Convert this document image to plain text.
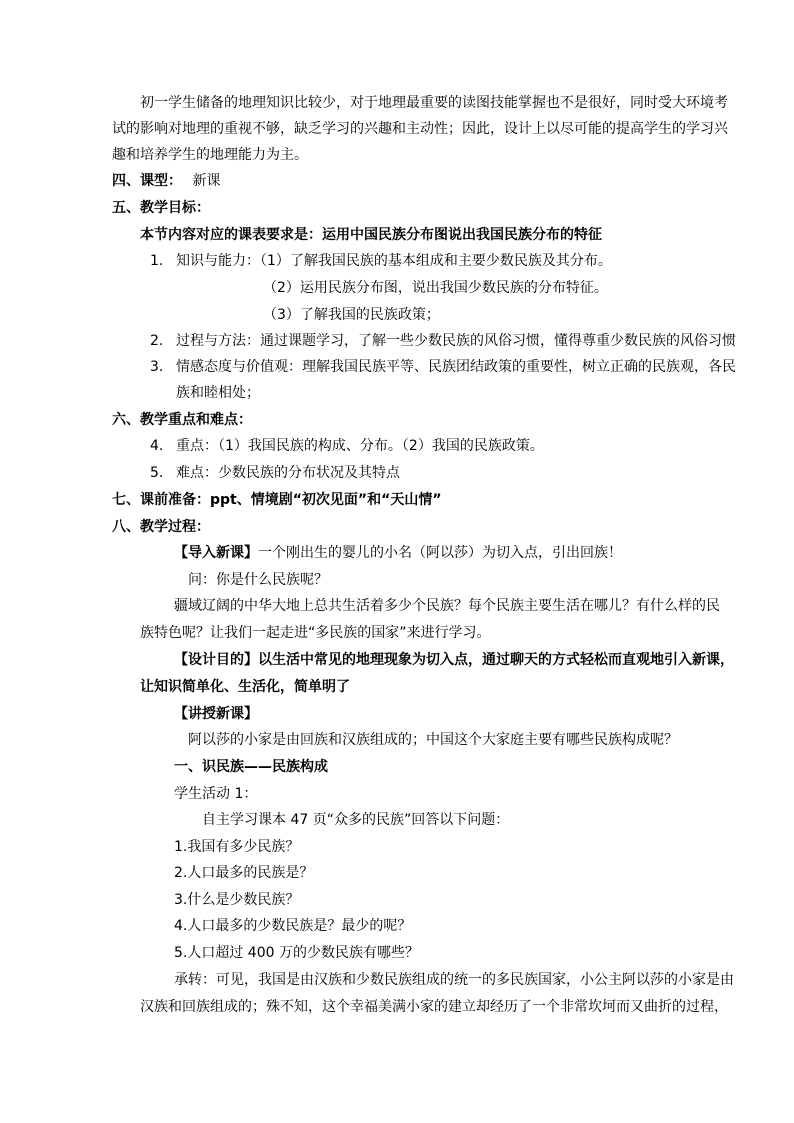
初一学生储备的地理知识比较少，对于地理最重要的读图技能掌握也不是很好，同时受大环境考
试的影响对地理的重视不够，缺乏学习的兴趣和主动性；因此，设计上以尽可能的提高学生的学习兴
趣和培养学生的地理能力为主。
四、课型： 新课
五、教学目标：
本节内容对应的课表要求是：运用中国民族分布图说出我国民族分布的特征
1. 知识与能力：（1）了解我国民族的基本组成和主要少数民族及其分布。
（2）运用民族分布图，说出我国少数民族的分布特征。
（3）了解我国的民族政策；
2. 过程与方法：通过课题学习，了解一些少数民族的风俗习惯，懂得尊重少数民族的风俗习惯
3. 情感态度与价值观：理解我国民族平等、民族团结政策的重要性，树立正确的民族观，各民
族和睦相处；
六、教学重点和难点：
4. 重点：（1）我国民族的构成、分布。（2）我国的民族政策。
5. 难点：少数民族的分布状况及其特点
七、课前准备：ppt、情境剧“初次见面”和“天山情”
八、教学过程：
【导入新课】一个刚出生的婴儿的小名（阿以莎）为切入点，引出回族！
问：你是什么民族呢？
疆域辽阔的中华大地上总共生活着多少个民族？每个民族主要生活在哪儿？有什么样的民
族特色呢？让我们一起走进“多民族的国家”来进行学习。
【设计目的】以生活中常见的地理现象为切入点，通过聊天的方式轻松而直观地引入新课，
让知识简单化、生活化，简单明了
【讲授新课】
阿以莎的小家是由回族和汉族组成的；中国这个大家庭主要有哪些民族构成呢？
一、识民族——民族构成
学生活动 1：
自主学习课本 47 页“众多的民族”回答以下问题：
1.我国有多少民族？
2.人口最多的民族是？
3.什么是少数民族？
4.人口最多的少数民族是？最少的呢？
5.人口超过 400 万的少数民族有哪些？
承转：可见，我国是由汉族和少数民族组成的统一的多民族国家，小公主阿以莎的小家是由
汉族和回族组成的；殊不知，这个幸福美满小家的建立却经历了一个非常坎坷而又曲折的过程，
